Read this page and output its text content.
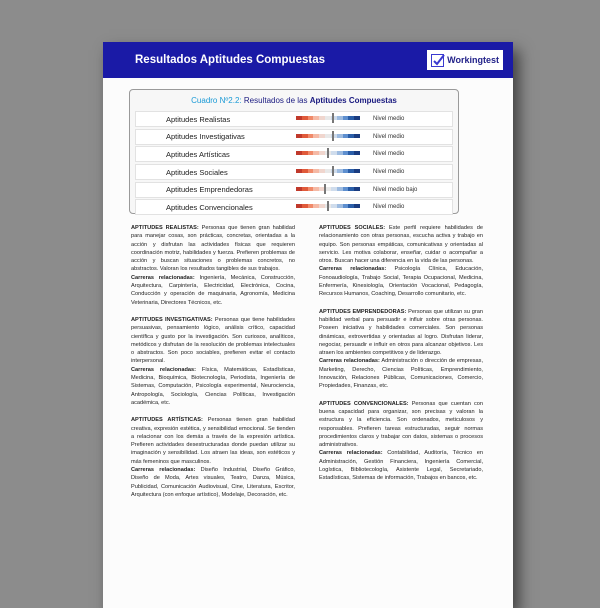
Resultados Aptitudes Compuestas	Workingtest
Cuadro Nº2.2: Resultados de las Aptitudes Compuestas
Aptitudes Realistas	Nivel medio
Aptitudes Investigativas	Nivel medio
Aptitudes Artísticas	Nivel medio
Aptitudes Sociales	Nivel medio
Aptitudes Emprendedoras	Nivel medio bajo
Aptitudes Convencionales	Nivel medio

APTITUDES REALISTAS: Personas que tienen gran habilidad para manejar cosas, son prácticas, concretas, orientadas a la acción y disfrutan las actividades físicas que requieren coordinación motriz, habilidades y fuerza. Prefieren problemas de acción y buscan situaciones o problemas concretos, no abstractos. Valoran los resultados tangibles de sus trabajos.

Carreras relacionadas: Ingeniería, Mecánica, Construcción, Arquitectura, Carpintería, Electricidad, Electrónica, Cocina, Conducción y operación de maquinaria, Agronomía, Medicina Veterinaria, Directores Técnicos, etc.

APTITUDES INVESTIGATIVAS: Personas que tiene habilidades persuasivas, pensamiento lógico, análisis crítico, capacidad científica y gusto por la investigación. Son curiosos, analíticos, metódicos y disfrutan de la resolución de problemas intelectuales o abstractos. Son poco sociables, prefieren evitar el contacto interpersonal.

Carreras relacionadas: Física, Matemáticas, Estadísticas, Medicina, Bioquímica, Biotecnología, Periodista, Ingeniería de Sistemas, Computación, Psicología experimental, Neurociencia, Antropología, Sociología, Ciencias Políticas, Investigación académica, etc.

APTITUDES ARTÍSTICAS: Personas tienen gran habilidad creativa, expresión estética, y sensibilidad emocional. Se tienden a relacionar con los demás a través de la expresión artística. Prefieren actividades desestructuradas donde puedan utilizar su imaginación y sensibilidad. Los atraen las ideas, son estéticos y más femeninos que masculinos.

Carreras relacionadas: Diseño Industrial, Diseño Gráfico, Diseño de Moda, Artes visuales, Teatro, Danza, Música, Publicidad, Comunicación Audiovisual, Cine, Literatura, Escritor, Arquitectura (con enfoque artístico), Modelaje, Decoración, etc.

APTITUDES SOCIALES: Este perfil requiere habilidades de relacionamiento con otras personas, escucha activa y trabajo en equipo. Son personas empáticas, comunicativas y orientadas al servicio. Les motiva colaborar, enseñar, cuidar o acompañar a otros. Buscan hacer una diferencia en la vida de las personas.

Carreras relacionadas: Psicología Clínica, Educación, Fonoaudiología, Trabajo Social, Terapia Ocupacional, Medicina, Enfermería, Kinesiología, Orientación Vocacional, Pedagogía, Recursos Humanos, Coaching, Desarrollo comunitario, etc.

APTITUDES EMPRENDEDORAS: Personas que utilizan su gran habilidad verbal para persuadir e influir sobre otras personas. Poseen iniciativa y habilidades comerciales. Son personas dinámicas, extrovertidas y orientadas al logro. Disfrutan liderar, negociar, persuadir e influir en otros para alcanzar objetivos. Les atraen los ambientes competitivos y de liderazgo.

Carreras relacionadas: Administración o dirección de empresas, Marketing, Derecho, Ciencias Políticas, Emprendimiento, Innovación, Relaciones Públicas, Comunicaciones, Comercio, Propiedades, Finanzas, etc.

APTITUDES CONVENCIONALES: Personas que cuentan con buena capacidad para organizar, son precisas y valoran la estructura y la eficiencia. Son ordenados, meticulosos y responsables. Prefieren tareas estructuradas, seguir normas procedimientos claros y trabajar con datos, sistemas o procesos administrativos.

Carreras relacionadas: Contabilidad, Auditoría, Técnico en Administración, Gestión Financiera, Ingeniería Comercial, Logística, Bibliotecología, Asistente Legal, Secretariado, Estadísticas, Sistemas de información, Trabajos en bancos, etc.
